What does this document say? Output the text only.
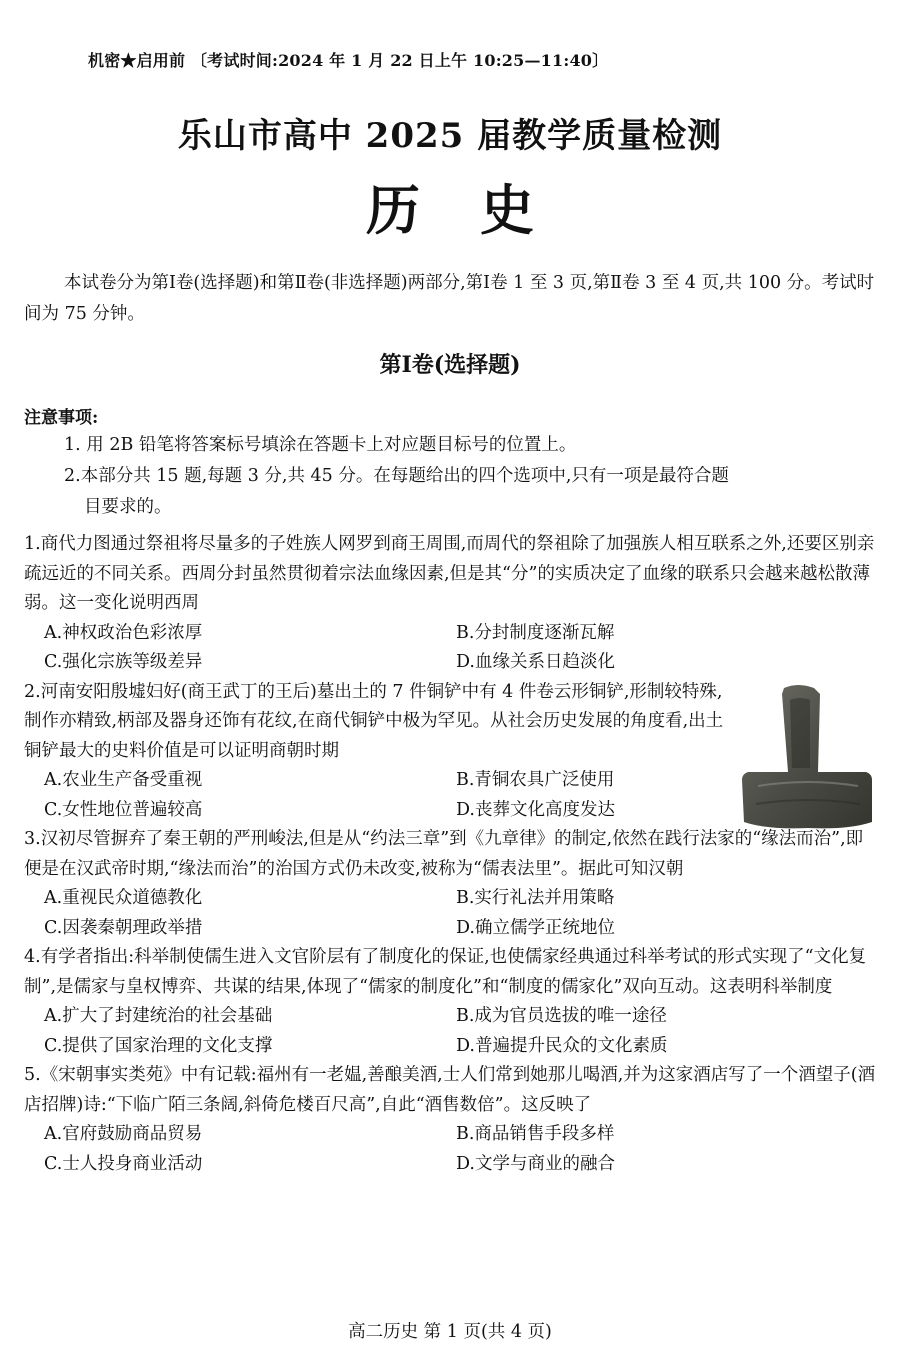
机密★启用前 〔考试时间:2024 年 1 月 22 日上午 10:25—11:40〕
乐山市高中 2025 届教学质量检测
历史
本试卷分为第Ⅰ卷(选择题)和第Ⅱ卷(非选择题)两部分,第Ⅰ卷 1 至 3 页,第Ⅱ卷 3 至 4 页,共 100 分。考试时间为 75 分钟。
第Ⅰ卷(选择题)
注意事项:
1. 用 2B 铅笔将答案标号填涂在答题卡上对应题目标号的位置上。
2.本部分共 15 题,每题 3 分,共 45 分。在每题给出的四个选项中,只有一项是最符合题
目要求的。
1.商代力图通过祭祖将尽量多的子姓族人网罗到商王周围,而周代的祭祖除了加强族人相互联系之外,还要区别亲疏远近的不同关系。西周分封虽然贯彻着宗法血缘因素,但是其“分”的实质决定了血缘的联系只会越来越松散薄弱。这一变化说明西周
A.神权政治色彩浓厚	B.分封制度逐渐瓦解
C.强化宗族等级差异	D.血缘关系日趋淡化
2.河南安阳殷墟妇好(商王武丁的王后)墓出土的 7 件铜铲中有 4 件卷云形铜铲,形制较特殊,制作亦精致,柄部及器身还饰有花纹,在商代铜铲中极为罕见。从社会历史发展的角度看,出土铜铲最大的史料价值是可以证明商朝时期
A.农业生产备受重视	B.青铜农具广泛使用
C.女性地位普遍较高	D.丧葬文化高度发达
3.汉初尽管摒弃了秦王朝的严刑峻法,但是从“约法三章”到《九章律》的制定,依然在践行法家的“缘法而治”,即便是在汉武帝时期,“缘法而治”的治国方式仍未改变,被称为“儒表法里”。据此可知汉朝
A.重视民众道德教化	B.实行礼法并用策略
C.因袭秦朝理政举措	D.确立儒学正统地位
4.有学者指出:科举制使儒生进入文官阶层有了制度化的保证,也使儒家经典通过科举考试的形式实现了“文化复制”,是儒家与皇权博弈、共谋的结果,体现了“儒家的制度化”和“制度的儒家化”双向互动。这表明科举制度
A.扩大了封建统治的社会基础	B.成为官员选拔的唯一途径
C.提供了国家治理的文化支撑	D.普遍提升民众的文化素质
5.《宋朝事实类苑》中有记载:福州有一老媪,善酿美酒,士人们常到她那儿喝酒,并为这家酒店写了一个酒望子(酒店招牌)诗:“下临广陌三条阔,斜倚危楼百尺高”,自此“酒售数倍”。这反映了
A.官府鼓励商品贸易	B.商品销售手段多样
C.士人投身商业活动	D.文学与商业的融合
高二历史 第 1 页(共 4 页)
